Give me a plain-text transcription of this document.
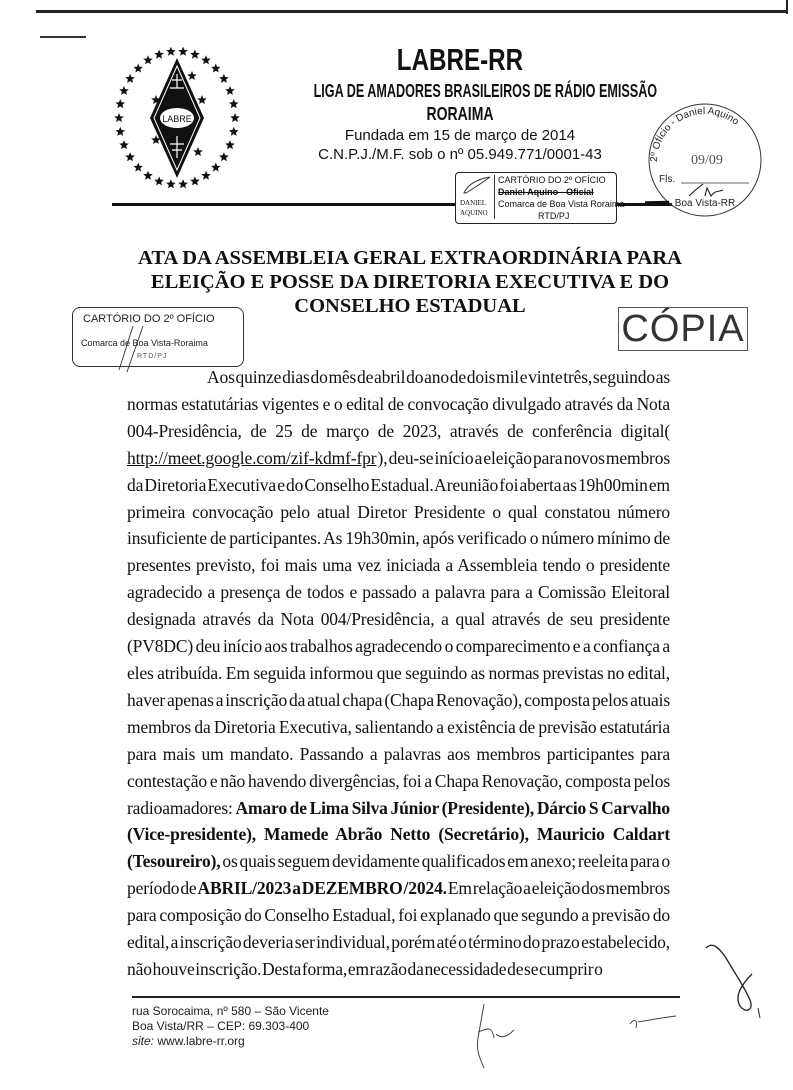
LABRE
LABRE-RR
LIGA DE AMADORES BRASILEIROS DE RÁDIO EMISSÃO
RORAIMA
Fundada em 15 de março de 2014
C.N.P.J./M.F. sob o nº 05.949.771/0001-43
DANIEL
AQUINO
CARTÓRIO DO 2º OFÍCIO
Daniel Aquino - Oficial
Comarca de Boa Vista Roraima
RTD/PJ
2º Ofício - Daniel Aquino
09/09
Fls.
Boa Vista-RR
ATA DA ASSEMBLEIA GERAL EXTRAORDINÁRIA PARA ELEIÇÃO E POSSE DA DIRETORIA EXECUTIVA E DO CONSELHO ESTADUAL
CARTÓRIO DO 2º OFÍCIO
Comarca de Boa Vista-Roraima
RTD/PJ
CÓPIA

Aos quinze dias do mês de abril do ano de dois mil e vinte três, seguindo as normas estatutárias vigentes e o edital de convocação divulgado através da Nota 004-Presidência, de 25 de março de 2023, através de conferência digital( http://meet.google.com/zif-kdmf-fpr ), deu-se início a eleição para novos membros da Diretoria Executiva e do Conselho Estadual. A reunião foi aberta as 19h00min em primeira convocação pelo atual Diretor Presidente o qual constatou número insuficiente de participantes. As 19h30min, após verificado o número mínimo de presentes previsto, foi mais uma vez iniciada a Assembleia tendo o presidente agradecido a presença de todos e passado a palavra para a Comissão Eleitoral designada através da Nota 004/Presidência, a qual através de seu presidente (PV8DC) deu início aos trabalhos agradecendo o comparecimento e a confiança a eles atribuída. Em seguida informou que seguindo as normas previstas no edital, haver apenas a inscrição da atual chapa (Chapa Renovação), composta pelos atuais membros da Diretoria Executiva, salientando a existência de previsão estatutária para mais um mandato. Passando a palavras aos membros participantes para contestação e não havendo divergências, foi a Chapa Renovação, composta pelos radioamadores: Amaro de Lima Silva Júnior (Presidente), Dárcio S Carvalho (Vice-presidente), Mamede Abrão Netto (Secretário), Mauricio Caldart (Tesoureiro), os quais seguem devidamente qualificados em anexo; reeleita para o período de ABRIL/2023 a DEZEMBRO /2024. Em relação a eleição dos membros para composição do Conselho Estadual, foi explanado que segundo a previsão do edital, a inscrição deveria ser individual, porém até o término do prazo estabelecido, não houve inscrição. Desta forma, em razão da necessidade de se cumprir o

rua Sorocaima, nº 580 – São Vicente
Boa Vista/RR – CEP: 69.303-400
site: www.labre-rr.org
